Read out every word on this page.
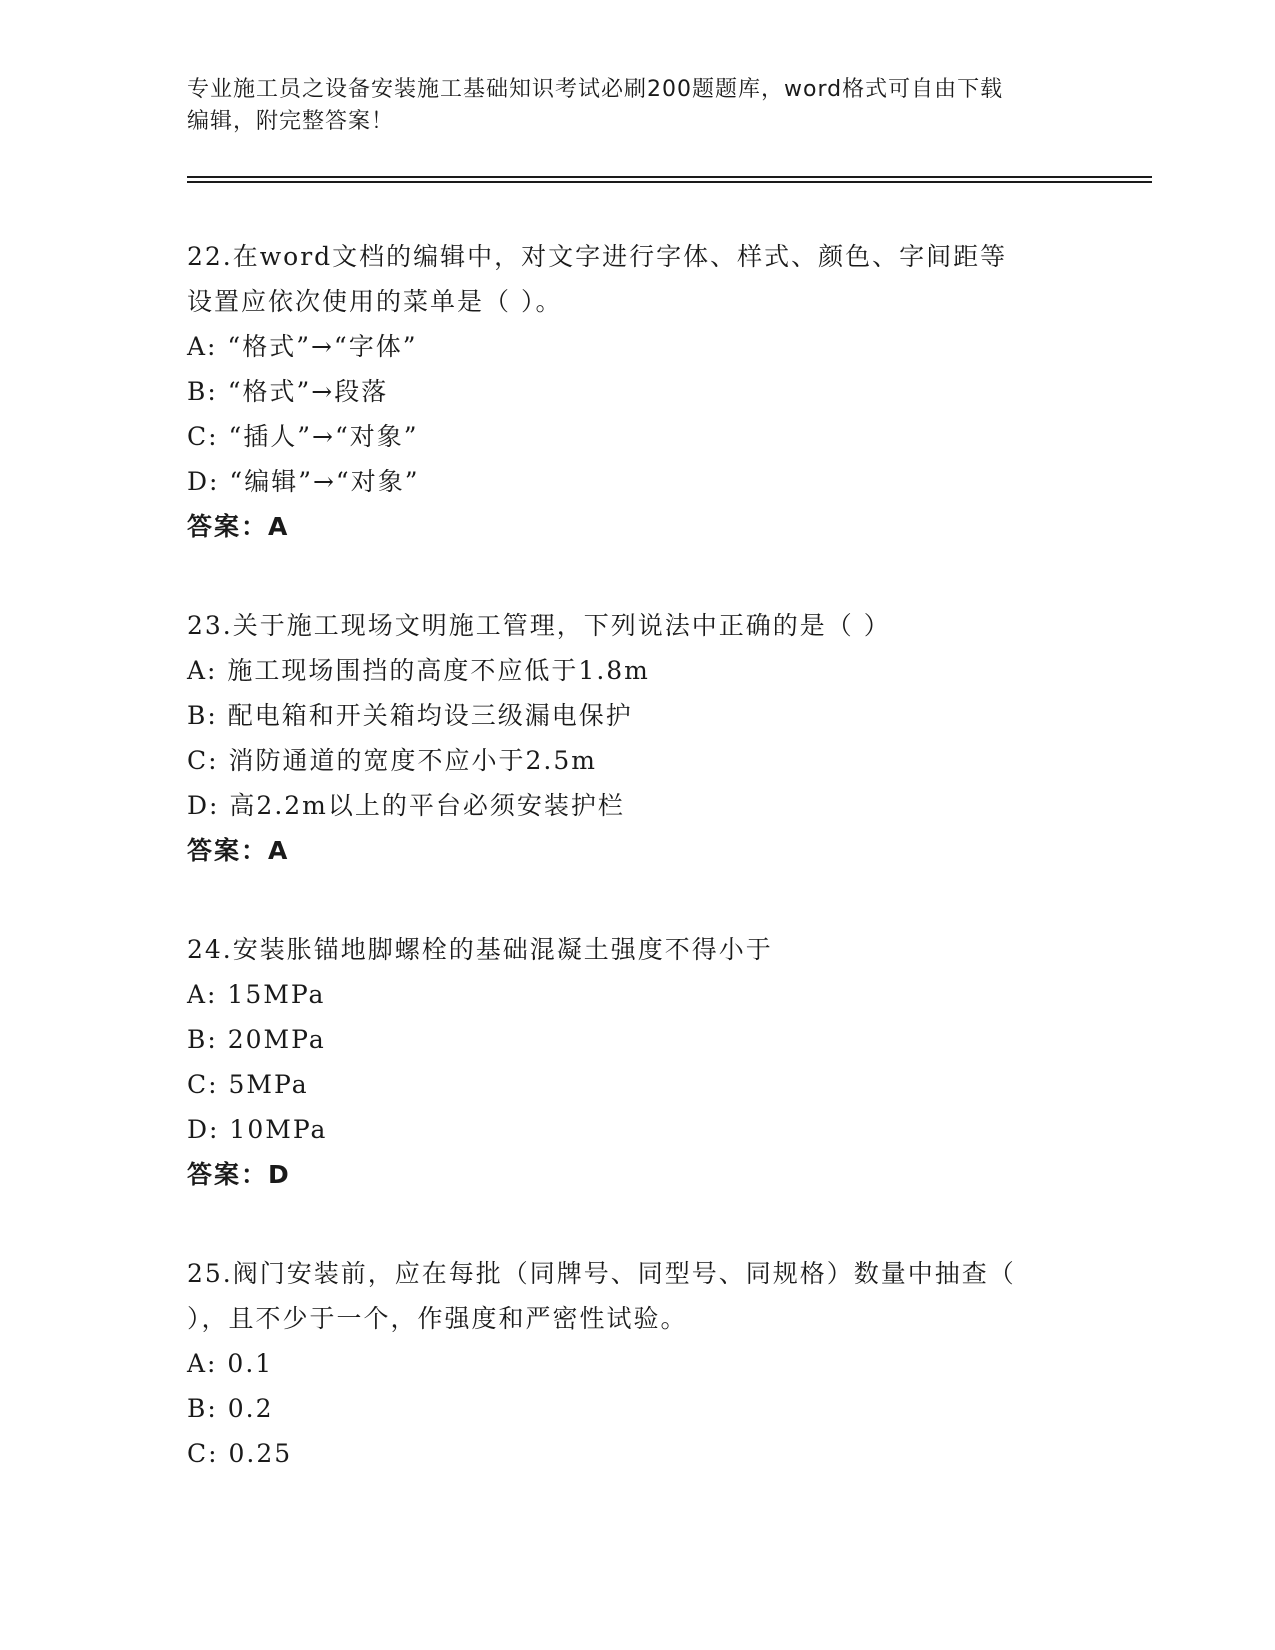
专业施工员之设备安装施工基础知识考试必刷200题题库，word格式可自由下载
编辑，附完整答案！
22.在word文档的编辑中，对文字进行字体、样式、颜色、字间距等
设置应依次使用的菜单是（ ）。
A: “格式”→“字体”
B: “格式”→段落
C: “插人”→“对象”
D: “编辑”→“对象”
答案：A
23.关于施工现场文明施工管理，下列说法中正确的是（ ）
A: 施工现场围挡的高度不应低于1.8m
B: 配电箱和开关箱均设三级漏电保护
C: 消防通道的宽度不应小于2.5m
D: 高2.2m以上的平台必须安装护栏
答案：A
24.安装胀锚地脚螺栓的基础混凝土强度不得小于
A: 15MPa
B: 20MPa
C: 5MPa
D: 10MPa
答案：D
25.阀门安装前，应在每批（同牌号、同型号、同规格）数量中抽查（
），且不少于一个，作强度和严密性试验。
A: 0.1
B: 0.2
C: 0.25
